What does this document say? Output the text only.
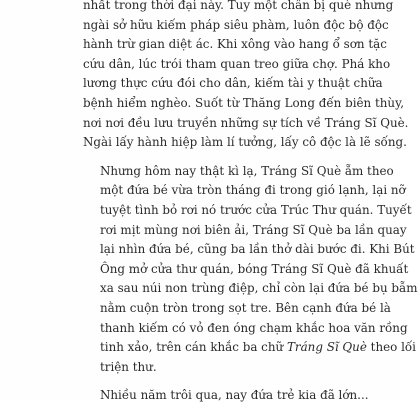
nhất trong thời đại này. Tuy một chân bị què nhưng
ngài sở hữu kiếm pháp siêu phàm, luôn độc bộ độc
hành trừ gian diệt ác. Khi xông vào hang ổ sơn tặc
cứu dân, lúc trói tham quan treo giữa chợ. Phá kho
lương thực cứu đói cho dân, kiếm tài y thuật chữa
bệnh hiểm nghèo. Suốt từ Thăng Long đến biên thùy,
nơi nơi đều lưu truyền những sự tích về Tráng Sĩ Què.
Ngài lấy hành hiệp làm lí tưởng, lấy cô độc là lẽ sống.

Nhưng hôm nay thật kì lạ, Tráng Sĩ Què ẵm theo
một đứa bé vừa tròn tháng đi trong gió lạnh, lại nỡ
tuyệt tình bỏ rơi nó trước cửa Trúc Thư quán. Tuyết
rơi mịt mùng nơi biên ải, Tráng Sĩ Què ba lần quay
lại nhìn đứa bé, cũng ba lần thở dài bước đi. Khi Bút
Ông mở cửa thư quán, bóng Tráng Sĩ Què đã khuất
xa sau núi non trùng điệp, chỉ còn lại đứa bé bụ bẫm
nằm cuộn tròn trong sọt tre. Bên cạnh đứa bé là
thanh kiếm có vỏ đen óng chạm khắc hoa văn rồng
tinh xảo, trên cán khắc ba chữ Tráng Sĩ Què theo lối
triện thư.

Nhiều năm trôi qua, nay đứa trẻ kia đã lớn...
